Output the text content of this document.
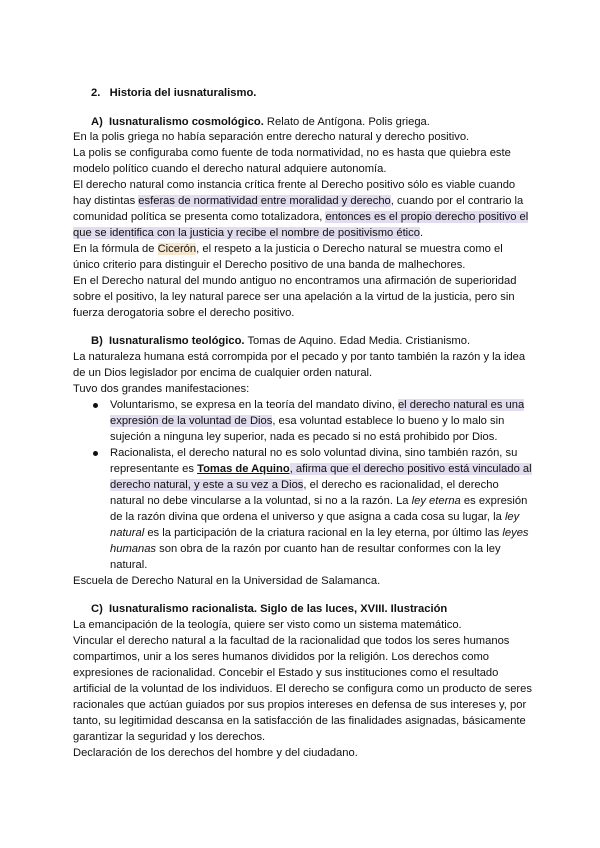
2. Historia del iusnaturalismo.
A) Iusnaturalismo cosmológico. Relato de Antígona. Polis griega.
En la polis griega no había separación entre derecho natural y derecho positivo.
La polis se configuraba como fuente de toda normatividad, no es hasta que quiebra este
modelo político cuando el derecho natural adquiere autonomía.
El derecho natural como instancia crítica frente al Derecho positivo sólo es viable cuando
hay distintas esferas de normatividad entre moralidad y derecho, cuando por el contrario la
comunidad política se presenta como totalizadora, entonces es el propio derecho positivo el
que se identifica con la justicia y recibe el nombre de positivismo ético.
En la fórmula de Cicerón, el respeto a la justicia o Derecho natural se muestra como el
único criterio para distinguir el Derecho positivo de una banda de malhechores.
En el Derecho natural del mundo antiguo no encontramos una afirmación de superioridad
sobre el positivo, la ley natural parece ser una apelación a la virtud de la justicia, pero sin
fuerza derogatoria sobre el derecho positivo.
B) Iusnaturalismo teológico. Tomas de Aquino. Edad Media. Cristianismo.
La naturaleza humana está corrompida por el pecado y por tanto también la razón y la idea
de un Dios legislador por encima de cualquier orden natural.
Tuvo dos grandes manifestaciones:
Voluntarismo, se expresa en la teoría del mandato divino, el derecho natural es una
expresión de la voluntad de Dios, esa voluntad establece lo bueno y lo malo sin
sujeción a ninguna ley superior, nada es pecado si no está prohibido por Dios.
Racionalista, el derecho natural no es solo voluntad divina, sino también razón, su
representante es Tomas de Aquino, afirma que el derecho positivo está vinculado al
derecho natural, y este a su vez a Dios, el derecho es racionalidad, el derecho
natural no debe vincularse a la voluntad, si no a la razón. La ley eterna es expresión
de la razón divina que ordena el universo y que asigna a cada cosa su lugar, la ley
natural es la participación de la criatura racional en la ley eterna, por último las leyes
humanas son obra de la razón por cuanto han de resultar conformes con la ley
natural.
Escuela de Derecho Natural en la Universidad de Salamanca.
C) Iusnaturalismo racionalista. Siglo de las luces, XVIII. Ilustración
La emancipación de la teología, quiere ser visto como un sistema matemático.
Vincular el derecho natural a la facultad de la racionalidad que todos los seres humanos
compartimos, unir a los seres humanos divididos por la religión. Los derechos como
expresiones de racionalidad. Concebir el Estado y sus instituciones como el resultado
artificial de la voluntad de los individuos. El derecho se configura como un producto de seres
racionales que actúan guiados por sus propios intereses en defensa de sus intereses y, por
tanto, su legitimidad descansa en la satisfacción de las finalidades asignadas, básicamente
garantizar la seguridad y los derechos.
Declaración de los derechos del hombre y del ciudadano.
